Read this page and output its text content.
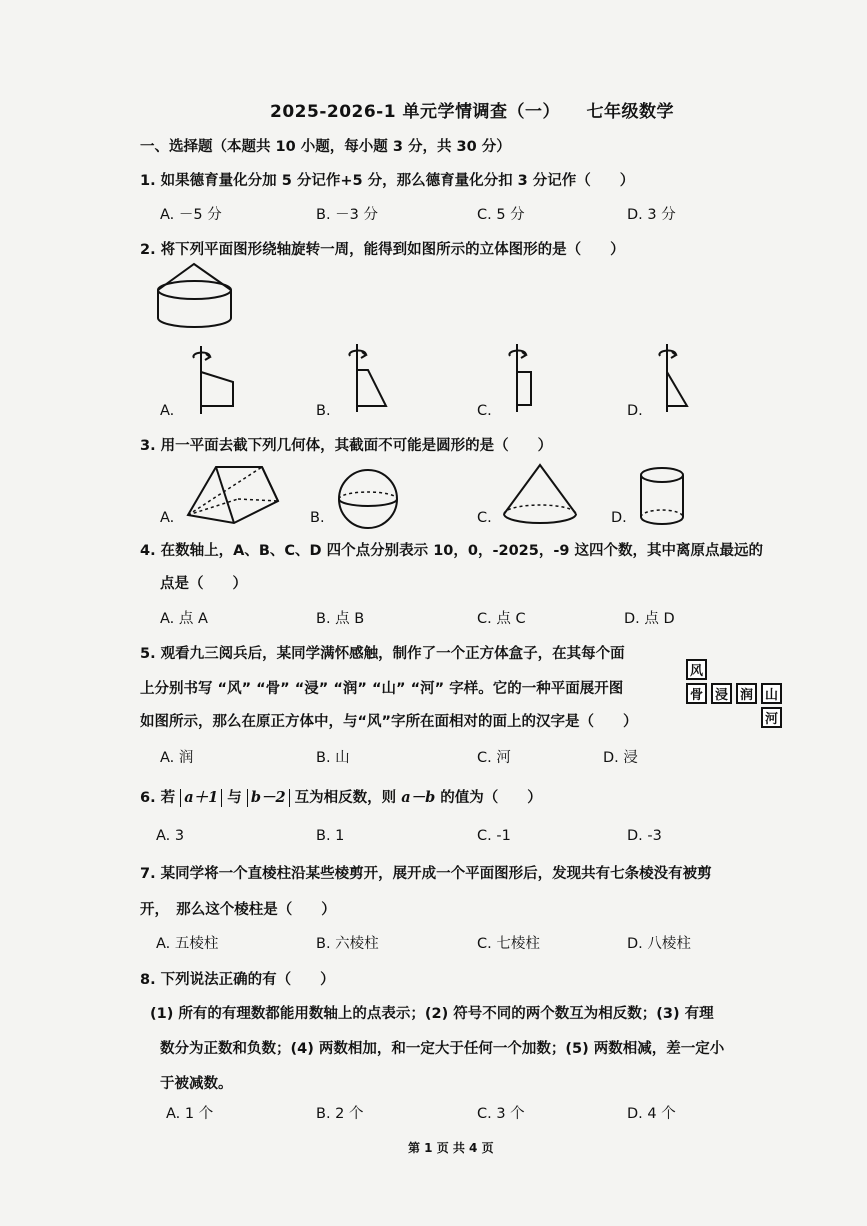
2025-2026-1 单元学情调查（一）　　七年级数学
一、选择题（本题共 10 小题，每小题 3 分，共 30 分）
1. 如果德育量化分加 5 分记作+5 分，那么德育量化分扣 3 分记作（　　）
A. －5 分	B. －3 分	C. 5 分	D. 3 分
2. 将下列平面图形绕轴旋转一周，能得到如图所示的立体图形的是（　　）
A.	B.	C.	D.
3. 用一平面去截下列几何体，其截面不可能是圆形的是（　　）
A.	B.	C.	D.
4. 在数轴上，A、B、C、D 四个点分别表示 10，0，-2025，-9 这四个数，其中离原点最远的
点是（　　）
A. 点 A	B. 点 B	C. 点 C	D. 点 D
5. 观看九三阅兵后，某同学满怀感触，制作了一个正方体盒子，在其每个面
上分别书写 “风” “骨” “浸” “润” “山” “河” 字样。它的一种平面展开图
如图所示，那么在原正方体中，与“风”字所在面相对的面上的汉字是（　　）
A. 润	B. 山	C. 河	D. 浸
风
骨 浸 润 山
河
6. 若 a＋1 与 b－2 互为相反数，则 a－b 的值为（　　）
A. 3	B. 1	C. -1	D. -3
7. 某同学将一个直棱柱沿某些棱剪开，展开成一个平面图形后，发现共有七条棱没有被剪
开，　那么这个棱柱是（　　）
A. 五棱柱	B. 六棱柱	C. 七棱柱	D. 八棱柱
8. 下列说法正确的有（　　）
(1) 所有的有理数都能用数轴上的点表示；(2) 符号不同的两个数互为相反数；(3) 有理
数分为正数和负数；(4) 两数相加，和一定大于任何一个加数；(5) 两数相减，差一定小
于被减数。
A. 1 个	B. 2 个	C. 3 个	D. 4 个
第 1 页 共 4 页
